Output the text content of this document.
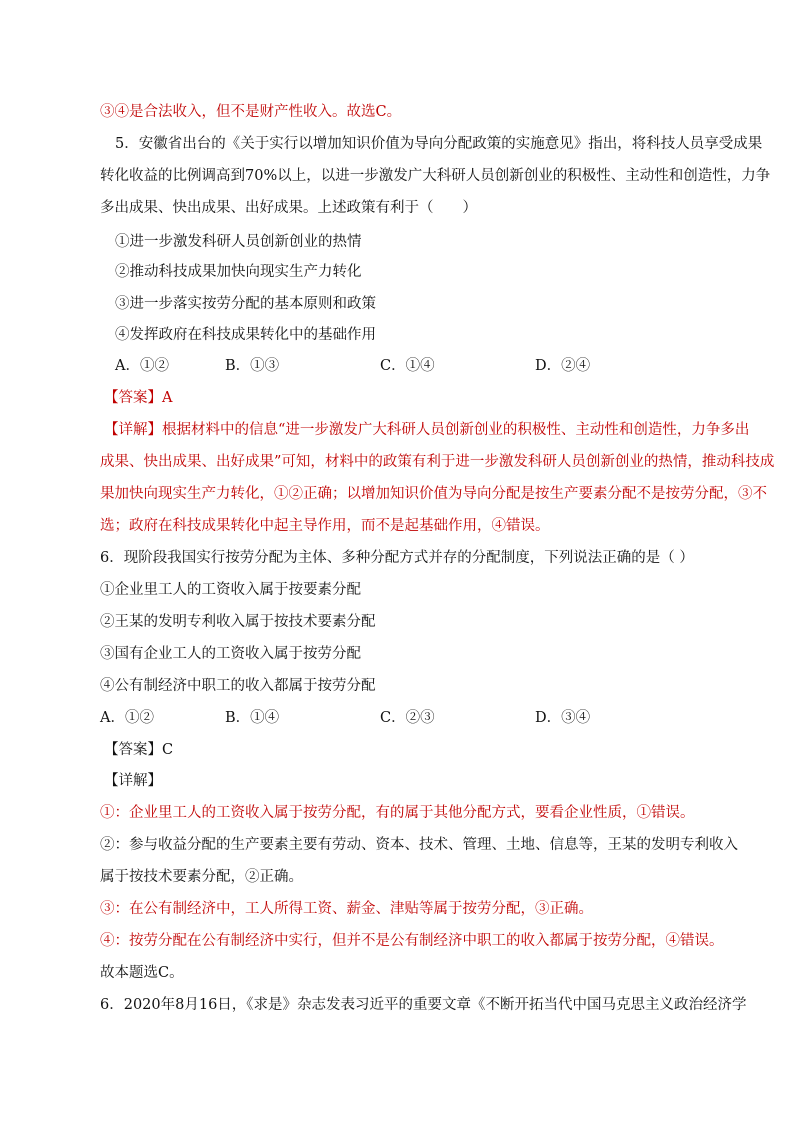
③④是合法收入，但不是财产性收入。故选C。
5．安徽省出台的《关于实行以增加知识价值为导向分配政策的实施意见》指出，将科技人员享受成果
转化收益的比例调高到70%以上，以进一步激发广大科研人员创新创业的积极性、主动性和创造性，力争
多出成果、快出成果、出好成果。上述政策有利于（　　）
①进一步激发科研人员创新创业的热情
②推动科技成果加快向现实生产力转化
③进一步落实按劳分配的基本原则和政策
④发挥政府在科技成果转化中的基础作用
A．①②	B．①③	C．①④	D．②④
【答案】A
【详解】根据材料中的信息“进一步激发广大科研人员创新创业的积极性、主动性和创造性，力争多出
成果、快出成果、出好成果”可知，材料中的政策有利于进一步激发科研人员创新创业的热情，推动科技成
果加快向现实生产力转化，①②正确；以增加知识价值为导向分配是按生产要素分配不是按劳分配，③不
选；政府在科技成果转化中起主导作用，而不是起基础作用，④错误。
6．现阶段我国实行按劳分配为主体、多种分配方式并存的分配制度，下列说法正确的是（ ）
①企业里工人的工资收入属于按要素分配
②王某的发明专利收入属于按技术要素分配
③国有企业工人的工资收入属于按劳分配
④公有制经济中职工的收入都属于按劳分配
A．①②	B．①④	C．②③	D．③④
【答案】C
【详解】
①：企业里工人的工资收入属于按劳分配，有的属于其他分配方式，要看企业性质，①错误。
②：参与收益分配的生产要素主要有劳动、资本、技术、管理、土地、信息等，王某的发明专利收入
属于按技术要素分配，②正确。
③：在公有制经济中，工人所得工资、薪金、津贴等属于按劳分配，③正确。
④：按劳分配在公有制经济中实行，但并不是公有制经济中职工的收入都属于按劳分配，④错误。
故本题选C。
6．2020年8月16日，《求是》杂志发表习近平的重要文章《不断开拓当代中国马克思主义政治经济学
